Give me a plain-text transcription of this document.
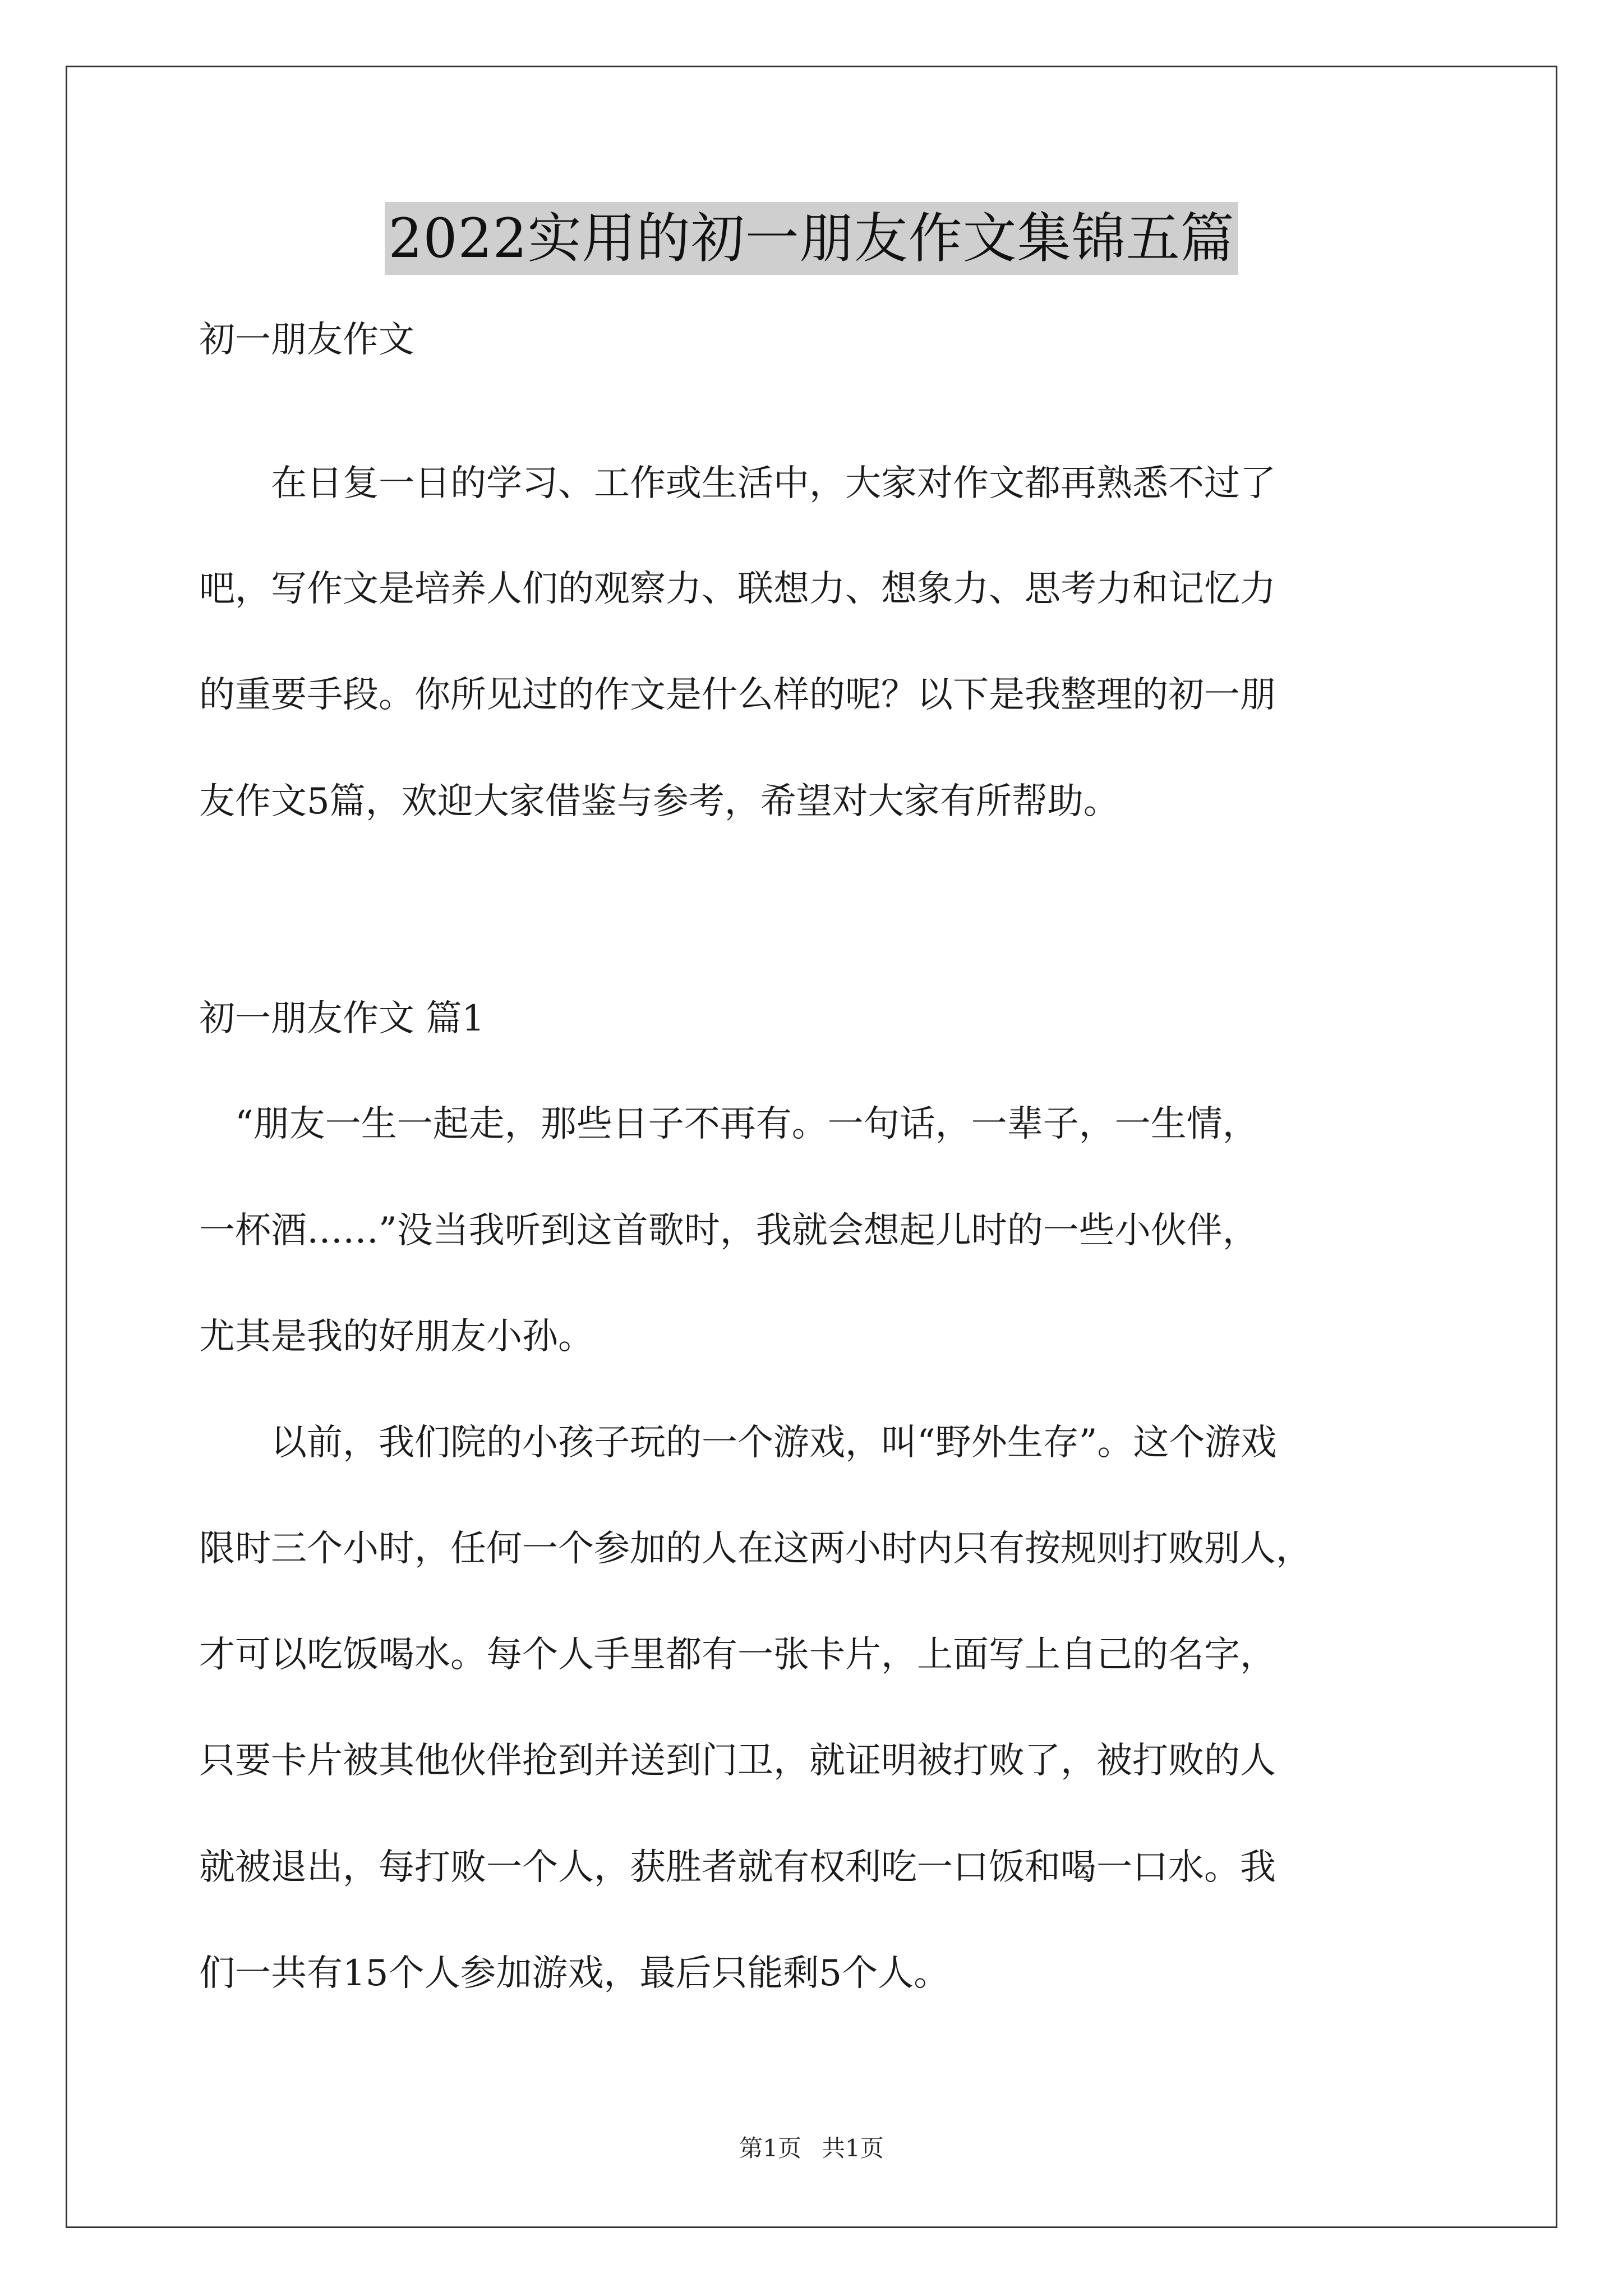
2022实用的初一朋友作文集锦五篇
初一朋友作文
　　在日复一日的学习、工作或生活中，大家对作文都再熟悉不过了
吧，写作文是培养人们的观察力、联想力、想象力、思考力和记忆力
的重要手段。你所见过的作文是什么样的呢？以下是我整理的初一朋
友作文5篇，欢迎大家借鉴与参考，希望对大家有所帮助。
初一朋友作文 篇1
　“朋友一生一起走，那些日子不再有。一句话，一辈子，一生情，
一杯酒……”没当我听到这首歌时，我就会想起儿时的一些小伙伴，
尤其是我的好朋友小孙。
　　以前，我们院的小孩子玩的一个游戏，叫“野外生存”。这个游戏
限时三个小时，任何一个参加的人在这两小时内只有按规则打败别人，
才可以吃饭喝水。每个人手里都有一张卡片，上面写上自己的名字，
只要卡片被其他伙伴抢到并送到门卫，就证明被打败了，被打败的人
就被退出，每打败一个人，获胜者就有权利吃一口饭和喝一口水。我
们一共有15个人参加游戏，最后只能剩5个人。
第1页 共1页
